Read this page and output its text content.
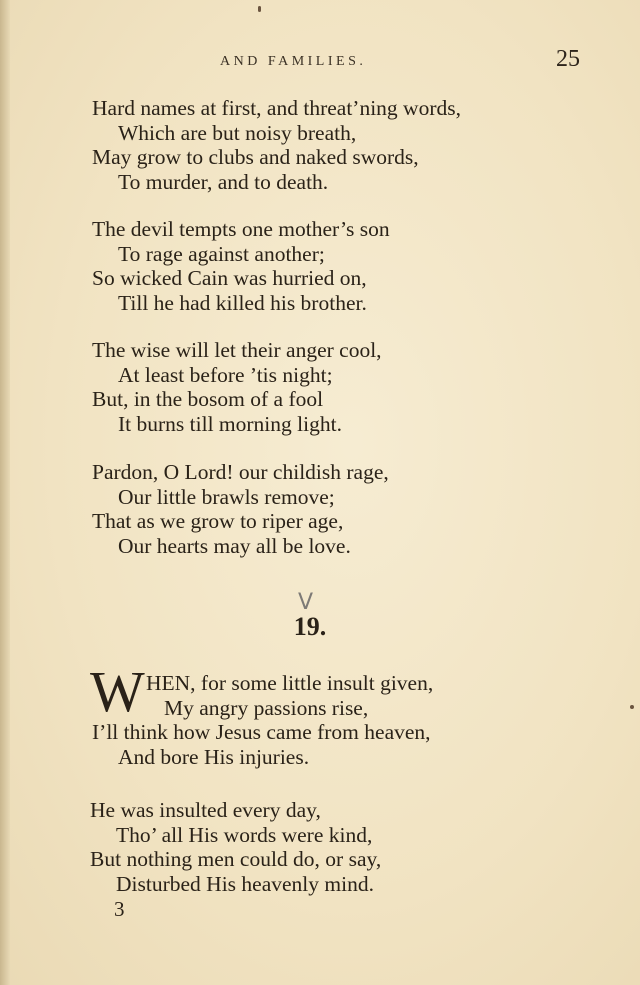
AND FAMILIES.	25
Hard names at first, and threat’ning words,
Which are but noisy breath,
May grow to clubs and naked swords,
To murder, and to death.
The devil tempts one mother’s son
To rage against another;
So wicked Cain was hurried on,
Till he had killed his brother.
The wise will let their anger cool,
At least before ’tis night;
But, in the bosom of a fool
It burns till morning light.
Pardon, O Lord! our childish rage,
Our little brawls remove;
That as we grow to riper age,
Our hearts may all be love.
V
19.
W HEN, for some little insult given,
My angry passions rise,
I’ll think how Jesus came from heaven,
And bore His injuries.
He was insulted every day,
Tho’ all His words were kind,
But nothing men could do, or say,
Disturbed His heavenly mind.
3
